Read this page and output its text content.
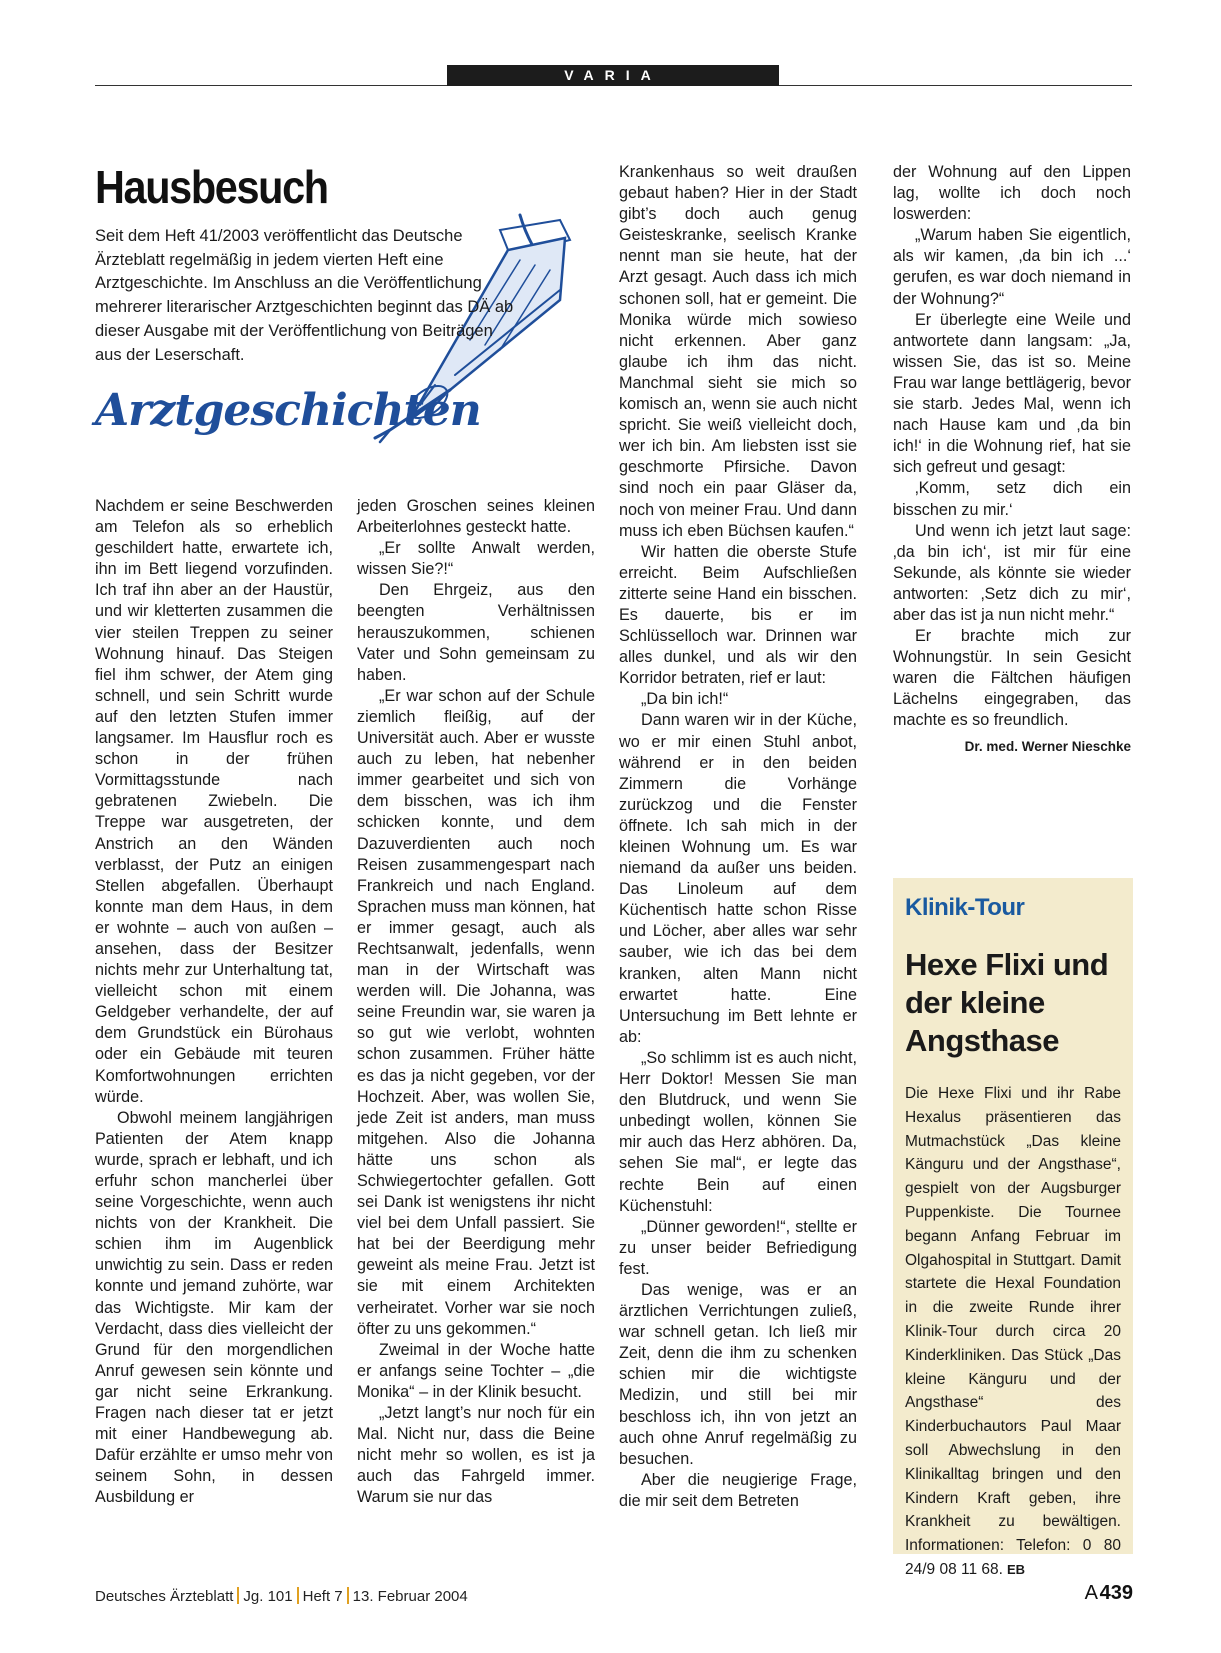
VARIA
Hausbesuch
Arztgeschichten
Seit dem Heft 41/2003 veröffentlicht das Deutsche Ärzteblatt regelmäßig in jedem vierten Heft eine Arztgeschichte. Im Anschluss an die Veröffentlichung mehrerer literarischer Arztgeschichten beginnt das DÄ ab dieser Ausgabe mit der Veröffentlichung von Beiträgen aus der Leserschaft.

Nachdem er seine Beschwerden am Telefon als so erheblich geschildert hatte, erwartete ich, ihn im Bett liegend vorzufinden. Ich traf ihn aber an der Haustür, und wir kletterten zusammen die vier steilen Treppen zu seiner Wohnung hinauf. Das Steigen fiel ihm schwer, der Atem ging schnell, und sein Schritt wurde auf den letzten Stufen immer langsamer. Im Hausflur roch es schon in der frühen Vormittagsstunde nach gebratenen Zwiebeln. Die Treppe war ausgetreten, der Anstrich an den Wänden verblasst, der Putz an einigen Stellen abgefallen. Überhaupt konnte man dem Haus, in dem er wohnte – auch von außen – ansehen, dass der Besitzer nichts mehr zur Unterhaltung tat, vielleicht schon mit einem Geldgeber verhandelte, der auf dem Grundstück ein Bürohaus oder ein Gebäude mit teuren Komfortwohnungen errichten würde.

Obwohl meinem langjährigen Patienten der Atem knapp wurde, sprach er lebhaft, und ich erfuhr schon mancherlei über seine Vorgeschichte, wenn auch nichts von der Krankheit. Die schien ihm im Augenblick unwichtig zu sein. Dass er reden konnte und jemand zuhörte, war das Wichtigste. Mir kam der Verdacht, dass dies vielleicht der Grund für den morgendlichen Anruf gewesen sein könnte und gar nicht seine Erkrankung. Fragen nach dieser tat er jetzt mit einer Handbewegung ab. Dafür erzählte er umso mehr von seinem Sohn, in dessen Ausbildung er

jeden Groschen seines kleinen Arbeiterlohnes gesteckt hatte.

„Er sollte Anwalt werden, wissen Sie?!“

Den Ehrgeiz, aus den beengten Verhältnissen herauszukommen, schienen Vater und Sohn gemeinsam zu haben.

„Er war schon auf der Schule ziemlich fleißig, auf der Universität auch. Aber er wusste auch zu leben, hat nebenher immer gearbeitet und sich von dem bisschen, was ich ihm schicken konnte, und dem Dazuverdienten auch noch Reisen zusammengespart nach Frankreich und nach England. Sprachen muss man können, hat er immer gesagt, auch als Rechtsanwalt, jedenfalls, wenn man in der Wirtschaft was werden will. Die Johanna, was seine Freundin war, sie waren ja so gut wie verlobt, wohnten schon zusammen. Früher hätte es das ja nicht gegeben, vor der Hochzeit. Aber, was wollen Sie, jede Zeit ist anders, man muss mitgehen. Also die Johanna hätte uns schon als Schwiegertochter gefallen. Gott sei Dank ist wenigstens ihr nicht viel bei dem Unfall passiert. Sie hat bei der Beerdigung mehr geweint als meine Frau. Jetzt ist sie mit einem Architekten verheiratet. Vorher war sie noch öfter zu uns gekommen.“

Zweimal in der Woche hatte er anfangs seine Tochter – „die Monika“ – in der Klinik besucht.

„Jetzt langt’s nur noch für ein Mal. Nicht nur, dass die Beine nicht mehr so wollen, es ist ja auch das Fahrgeld immer. Warum sie nur das

Krankenhaus so weit draußen gebaut haben? Hier in der Stadt gibt’s doch auch genug Geisteskranke, seelisch Kranke nennt man sie heute, hat der Arzt gesagt. Auch dass ich mich schonen soll, hat er gemeint. Die Monika würde mich sowieso nicht erkennen. Aber ganz glaube ich ihm das nicht. Manchmal sieht sie mich so komisch an, wenn sie auch nicht spricht. Sie weiß vielleicht doch, wer ich bin. Am liebsten isst sie geschmorte Pfirsiche. Davon sind noch ein paar Gläser da, noch von meiner Frau. Und dann muss ich eben Büchsen kaufen.“

Wir hatten die oberste Stufe erreicht. Beim Aufschließen zitterte seine Hand ein bisschen. Es dauerte, bis er im Schlüsselloch war. Drinnen war alles dunkel, und als wir den Korridor betraten, rief er laut:

„Da bin ich!“

Dann waren wir in der Küche, wo er mir einen Stuhl anbot, während er in den beiden Zimmern die Vorhänge zurückzog und die Fenster öffnete. Ich sah mich in der kleinen Wohnung um. Es war niemand da außer uns beiden. Das Linoleum auf dem Küchentisch hatte schon Risse und Löcher, aber alles war sehr sauber, wie ich das bei dem kranken, alten Mann nicht erwartet hatte. Eine Untersuchung im Bett lehnte er ab:

„So schlimm ist es auch nicht, Herr Doktor! Messen Sie man den Blutdruck, und wenn Sie unbedingt wollen, können Sie mir auch das Herz abhören. Da, sehen Sie mal“, er legte das rechte Bein auf einen Küchenstuhl:

„Dünner geworden!“, stellte er zu unser beider Befriedigung fest.

Das wenige, was er an ärztlichen Verrichtungen zuließ, war schnell getan. Ich ließ mir Zeit, denn die ihm zu schenken schien mir die wichtigste Medizin, und still bei mir beschloss ich, ihn von jetzt an auch ohne Anruf regelmäßig zu besuchen.

Aber die neugierige Frage, die mir seit dem Betreten

der Wohnung auf den Lippen lag, wollte ich doch noch loswerden:

„Warum haben Sie eigentlich, als wir kamen, ‚da bin ich ...‘ gerufen, es war doch niemand in der Wohnung?“

Er überlegte eine Weile und antwortete dann langsam: „Ja, wissen Sie, das ist so. Meine Frau war lange bettlägerig, bevor sie starb. Jedes Mal, wenn ich nach Hause kam und ‚da bin ich!‘ in die Wohnung rief, hat sie sich gefreut und gesagt:

‚Komm, setz dich ein bisschen zu mir.‘

Und wenn ich jetzt laut sage: ‚da bin ich‘, ist mir für eine Sekunde, als könnte sie wieder antworten: ‚Setz dich zu mir‘, aber das ist ja nun nicht mehr.“

Er brachte mich zur Wohnungstür. In sein Gesicht waren die Fältchen häufigen Lächelns eingegraben, das machte es so freundlich.

Dr. med. Werner Nieschke
Klinik-Tour
Hexe Flixi und der kleine Angsthase
Die Hexe Flixi und ihr Rabe Hexalus präsentieren das Mutmachstück „Das kleine Känguru und der Angsthase“, gespielt von der Augsburger Puppenkiste. Die Tournee begann Anfang Februar im Olgahospital in Stuttgart. Damit startete die Hexal Foundation in die zweite Runde ihrer Klinik-Tour durch circa 20 Kinderkliniken. Das Stück „Das kleine Känguru und der Angsthase“ des Kinderbuchautors Paul Maar soll Abwechslung in den Klinikalltag bringen und den Kindern Kraft geben, ihre Krankheit zu bewältigen. Informationen: Telefon: 0 80 24/9 08 11 68. EB
Deutsches Ärzteblatt Jg. 101 Heft 7 13. Februar 2004	A 439
